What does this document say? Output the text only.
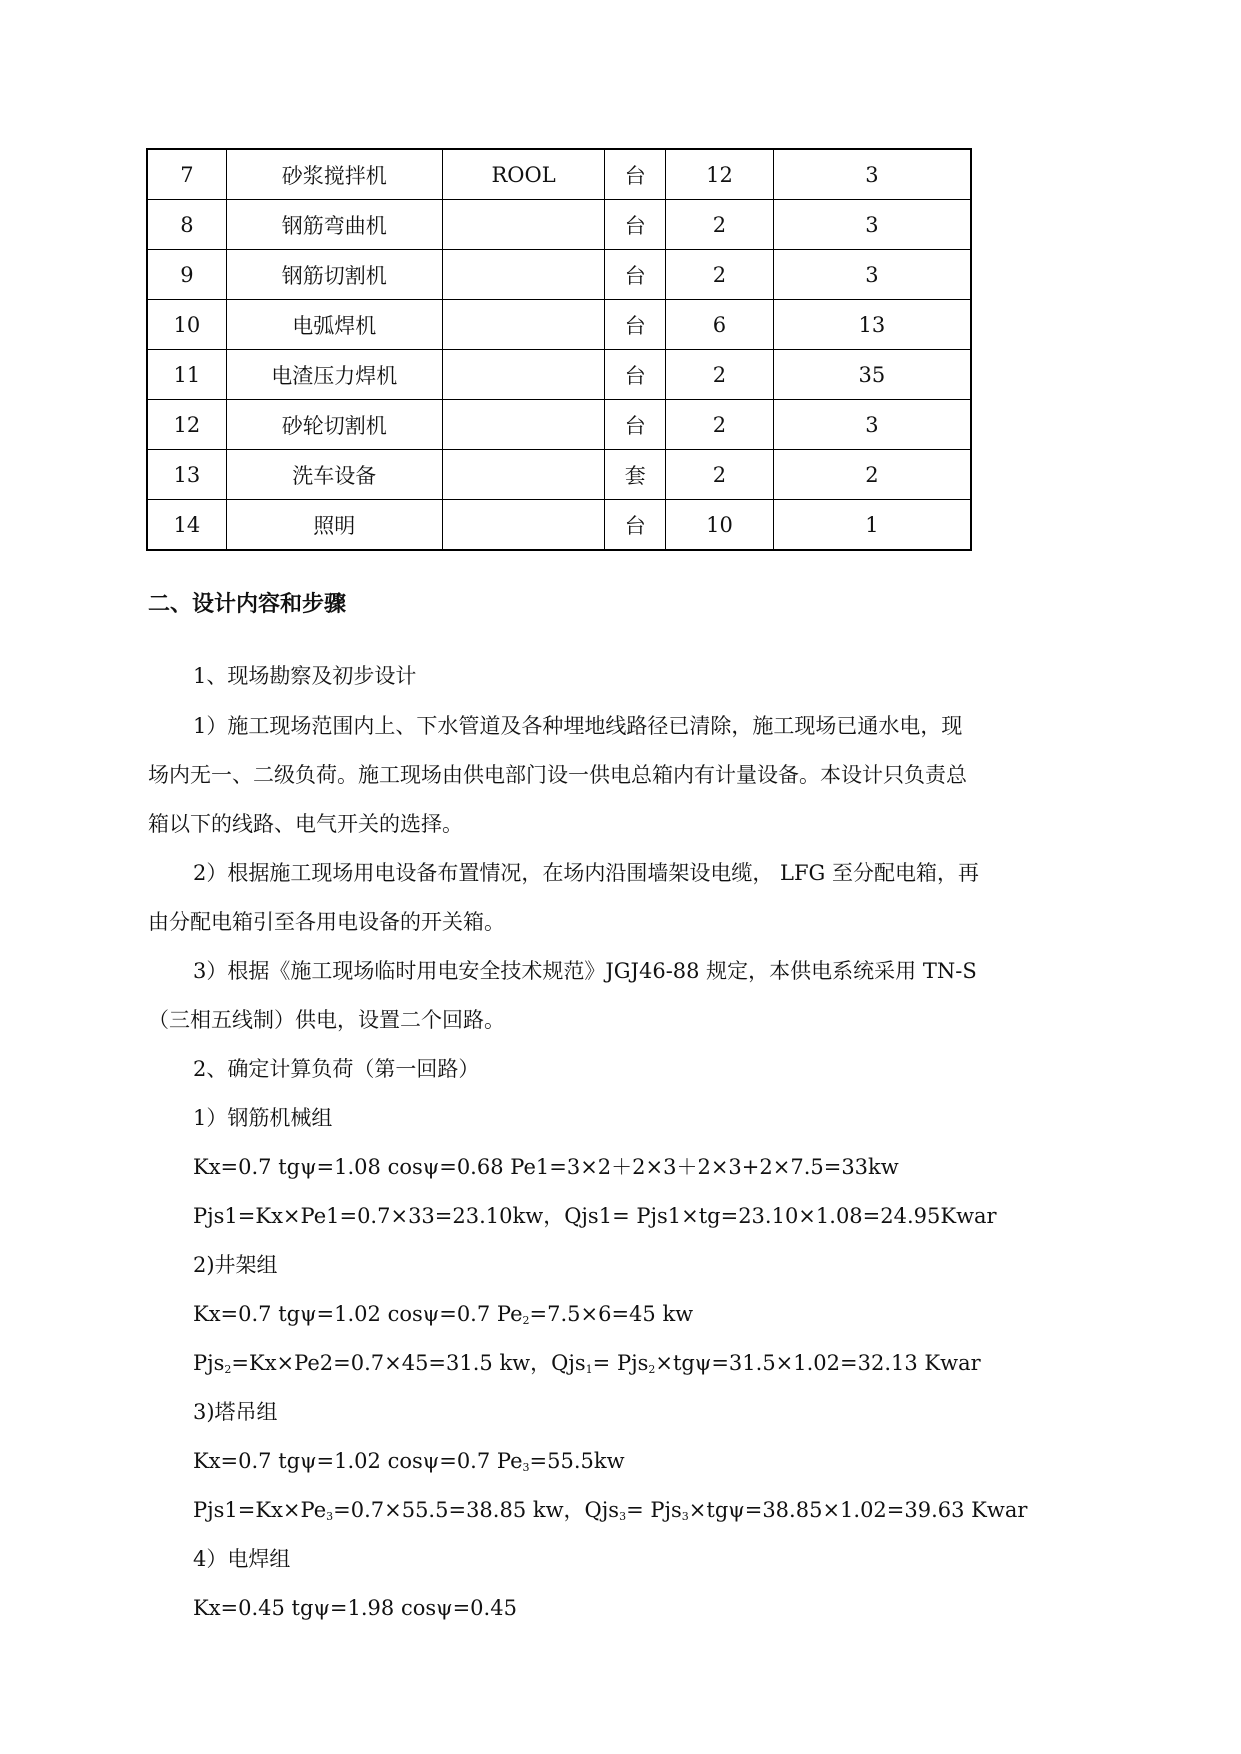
7	砂浆搅拌机	ROOL	台	12	3
8	钢筋弯曲机		台	2	3
9	钢筋切割机		台	2	3
10	电弧焊机		台	6	13
11	电渣压力焊机		台	2	35
12	砂轮切割机		台	2	3
13	洗车设备		套	2	2
14	照明		台	10	1
二、设计内容和步骤
1、现场勘察及初步设计
1）施工现场范围内上、下水管道及各种埋地线路径已清除，施工现场已通水电，现
场内无一、二级负荷。施工现场由供电部门设一供电总箱内有计量设备。本设计只负责总
箱以下的线路、电气开关的选择。
2）根据施工现场用电设备布置情况，在场内沿围墙架设电缆， LFG 至分配电箱，再
由分配电箱引至各用电设备的开关箱。
3）根据《施工现场临时用电安全技术规范》JGJ46-88 规定，本供电系统采用 TN-S
（三相五线制）供电，设置二个回路。
2、确定计算负荷（第一回路）
1）钢筋机械组
Kx=0.7 tgψ=1.08 cosψ=0.68 Pe1=3×2＋2×3＋2×3+2×7.5=33kw
Pjs1=Kx×Pe1=0.7×33=23.10kw，Qjs1= Pjs1×tg=23.10×1.08=24.95Kwar
2)井架组
Kx=0.7 tgψ=1.02 cosψ=0.7 $Pe_2=7.5\times 6=45$ kw
Pjs$_2$=Kx×Pe2=0.7×45=31.5 kw，Qjs$_1$= Pjs$_2$×tgψ=31.5×1.02=32.13 Kwar
3)塔吊组
Kx=0.7 tgψ=1.02 cosψ=0.7 $Pe_3=55.5kw$
$Pjs1=Kx\times Pe_3=0.7\times 55.5=38.85$ kw，Qjs$_3$= Pjs$_3$×tgψ=38.85×1.02=39.63 Kwar
4）电焊组
Kx=0.45 tgψ=1.98 cosψ=0.45
